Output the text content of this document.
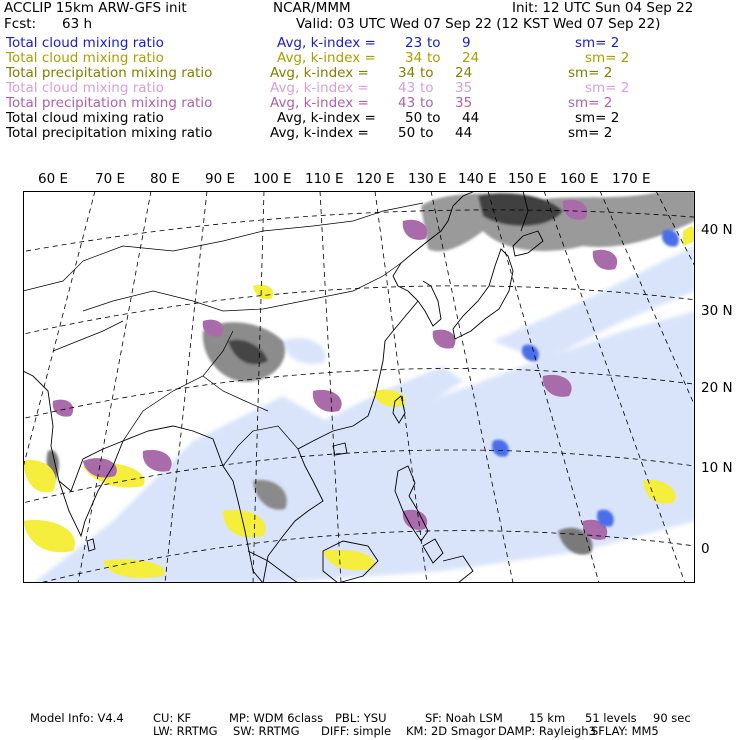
ACCLIP 15km ARW-GFS init	NCAR/MMM	Init: 12 UTC Sun 04 Sep 22
Fcst: 63 h	Valid: 03 UTC Wed 07 Sep 22 (12 KST Wed 07 Sep 22)
Total cloud mixing ratio	Avg, k-index = 23 to 9	sm= 2
Total cloud mixing ratio	Avg, k-index = 34 to 24	sm= 2
Total precipitation mixing ratio	Avg, k-index = 34 to 24	sm= 2
Total cloud mixing ratio	Avg, k-index = 43 to 35	sm= 2
Total precipitation mixing ratio	Avg, k-index = 43 to 35	sm= 2
Total cloud mixing ratio	Avg, k-index = 50 to 44	sm= 2
Total precipitation mixing ratio	Avg, k-index = 50 to 44	sm= 2
60 E 70 E 80 E 90 E 100 E 110 E 120 E 130 E 140 E 150 E 160 E 170 E
40 N
30 N
20 N
10 N
0
Model Info: V4.4	CU: KF	MP: WDM 6class PBL: YSU	SF: Noah LSM 15 km 51 levels 90 sec
LW: RRTMG SW: RRTMG DIFF: simple KM: 2D Smagor DAMP: Rayleigh3
SFLAY: MM5
